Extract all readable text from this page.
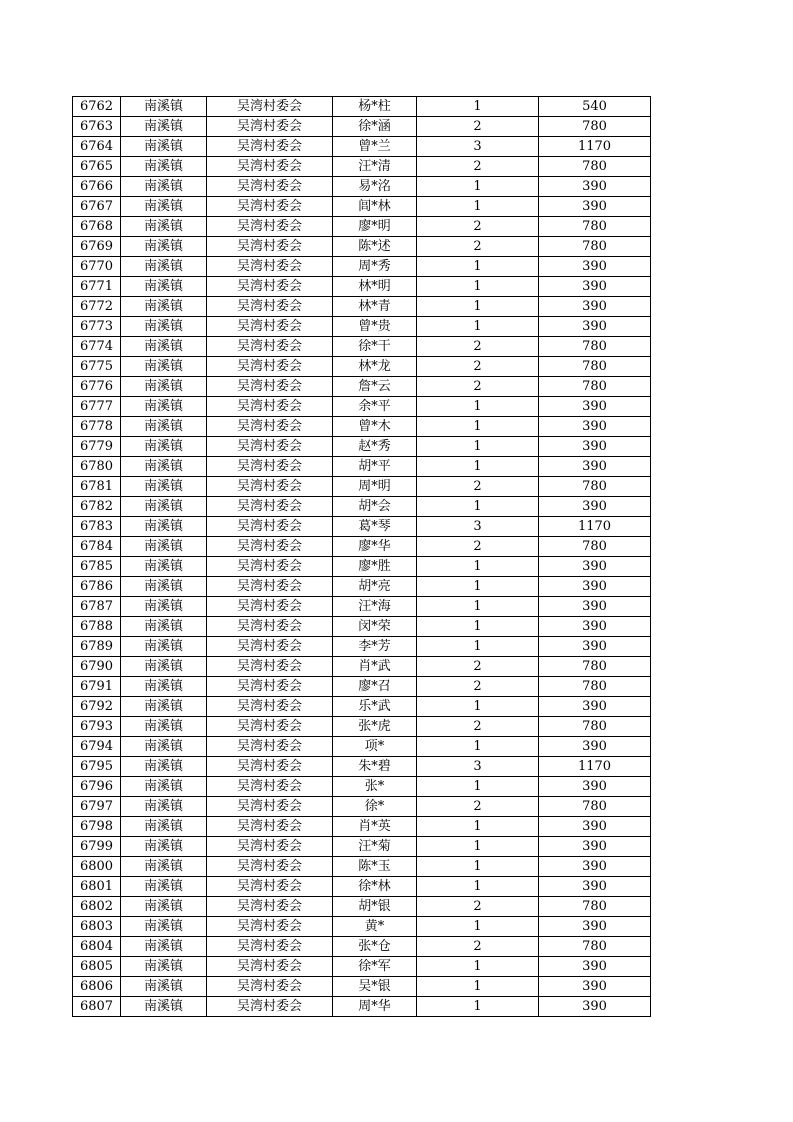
6762	南溪镇	吴湾村委会	杨*柱	1	540
6763	南溪镇	吴湾村委会	徐*涵	2	780
6764	南溪镇	吴湾村委会	曾*兰	3	1170
6765	南溪镇	吴湾村委会	汪*清	2	780
6766	南溪镇	吴湾村委会	易*洺	1	390
6767	南溪镇	吴湾村委会	闾*林	1	390
6768	南溪镇	吴湾村委会	廖*明	2	780
6769	南溪镇	吴湾村委会	陈*述	2	780
6770	南溪镇	吴湾村委会	周*秀	1	390
6771	南溪镇	吴湾村委会	林*明	1	390
6772	南溪镇	吴湾村委会	林*青	1	390
6773	南溪镇	吴湾村委会	曾*贵	1	390
6774	南溪镇	吴湾村委会	徐*干	2	780
6775	南溪镇	吴湾村委会	林*龙	2	780
6776	南溪镇	吴湾村委会	詹*云	2	780
6777	南溪镇	吴湾村委会	余*平	1	390
6778	南溪镇	吴湾村委会	曾*木	1	390
6779	南溪镇	吴湾村委会	赵*秀	1	390
6780	南溪镇	吴湾村委会	胡*平	1	390
6781	南溪镇	吴湾村委会	周*明	2	780
6782	南溪镇	吴湾村委会	胡*会	1	390
6783	南溪镇	吴湾村委会	葛*琴	3	1170
6784	南溪镇	吴湾村委会	廖*华	2	780
6785	南溪镇	吴湾村委会	廖*胜	1	390
6786	南溪镇	吴湾村委会	胡*亮	1	390
6787	南溪镇	吴湾村委会	汪*海	1	390
6788	南溪镇	吴湾村委会	闵*荣	1	390
6789	南溪镇	吴湾村委会	李*芳	1	390
6790	南溪镇	吴湾村委会	肖*武	2	780
6791	南溪镇	吴湾村委会	廖*召	2	780
6792	南溪镇	吴湾村委会	乐*武	1	390
6793	南溪镇	吴湾村委会	张*虎	2	780
6794	南溪镇	吴湾村委会	项*	1	390
6795	南溪镇	吴湾村委会	朱*碧	3	1170
6796	南溪镇	吴湾村委会	张*	1	390
6797	南溪镇	吴湾村委会	徐*	2	780
6798	南溪镇	吴湾村委会	肖*英	1	390
6799	南溪镇	吴湾村委会	汪*菊	1	390
6800	南溪镇	吴湾村委会	陈*玉	1	390
6801	南溪镇	吴湾村委会	徐*林	1	390
6802	南溪镇	吴湾村委会	胡*银	2	780
6803	南溪镇	吴湾村委会	黄*	1	390
6804	南溪镇	吴湾村委会	张*仓	2	780
6805	南溪镇	吴湾村委会	徐*军	1	390
6806	南溪镇	吴湾村委会	吴*银	1	390
6807	南溪镇	吴湾村委会	周*华	1	390
